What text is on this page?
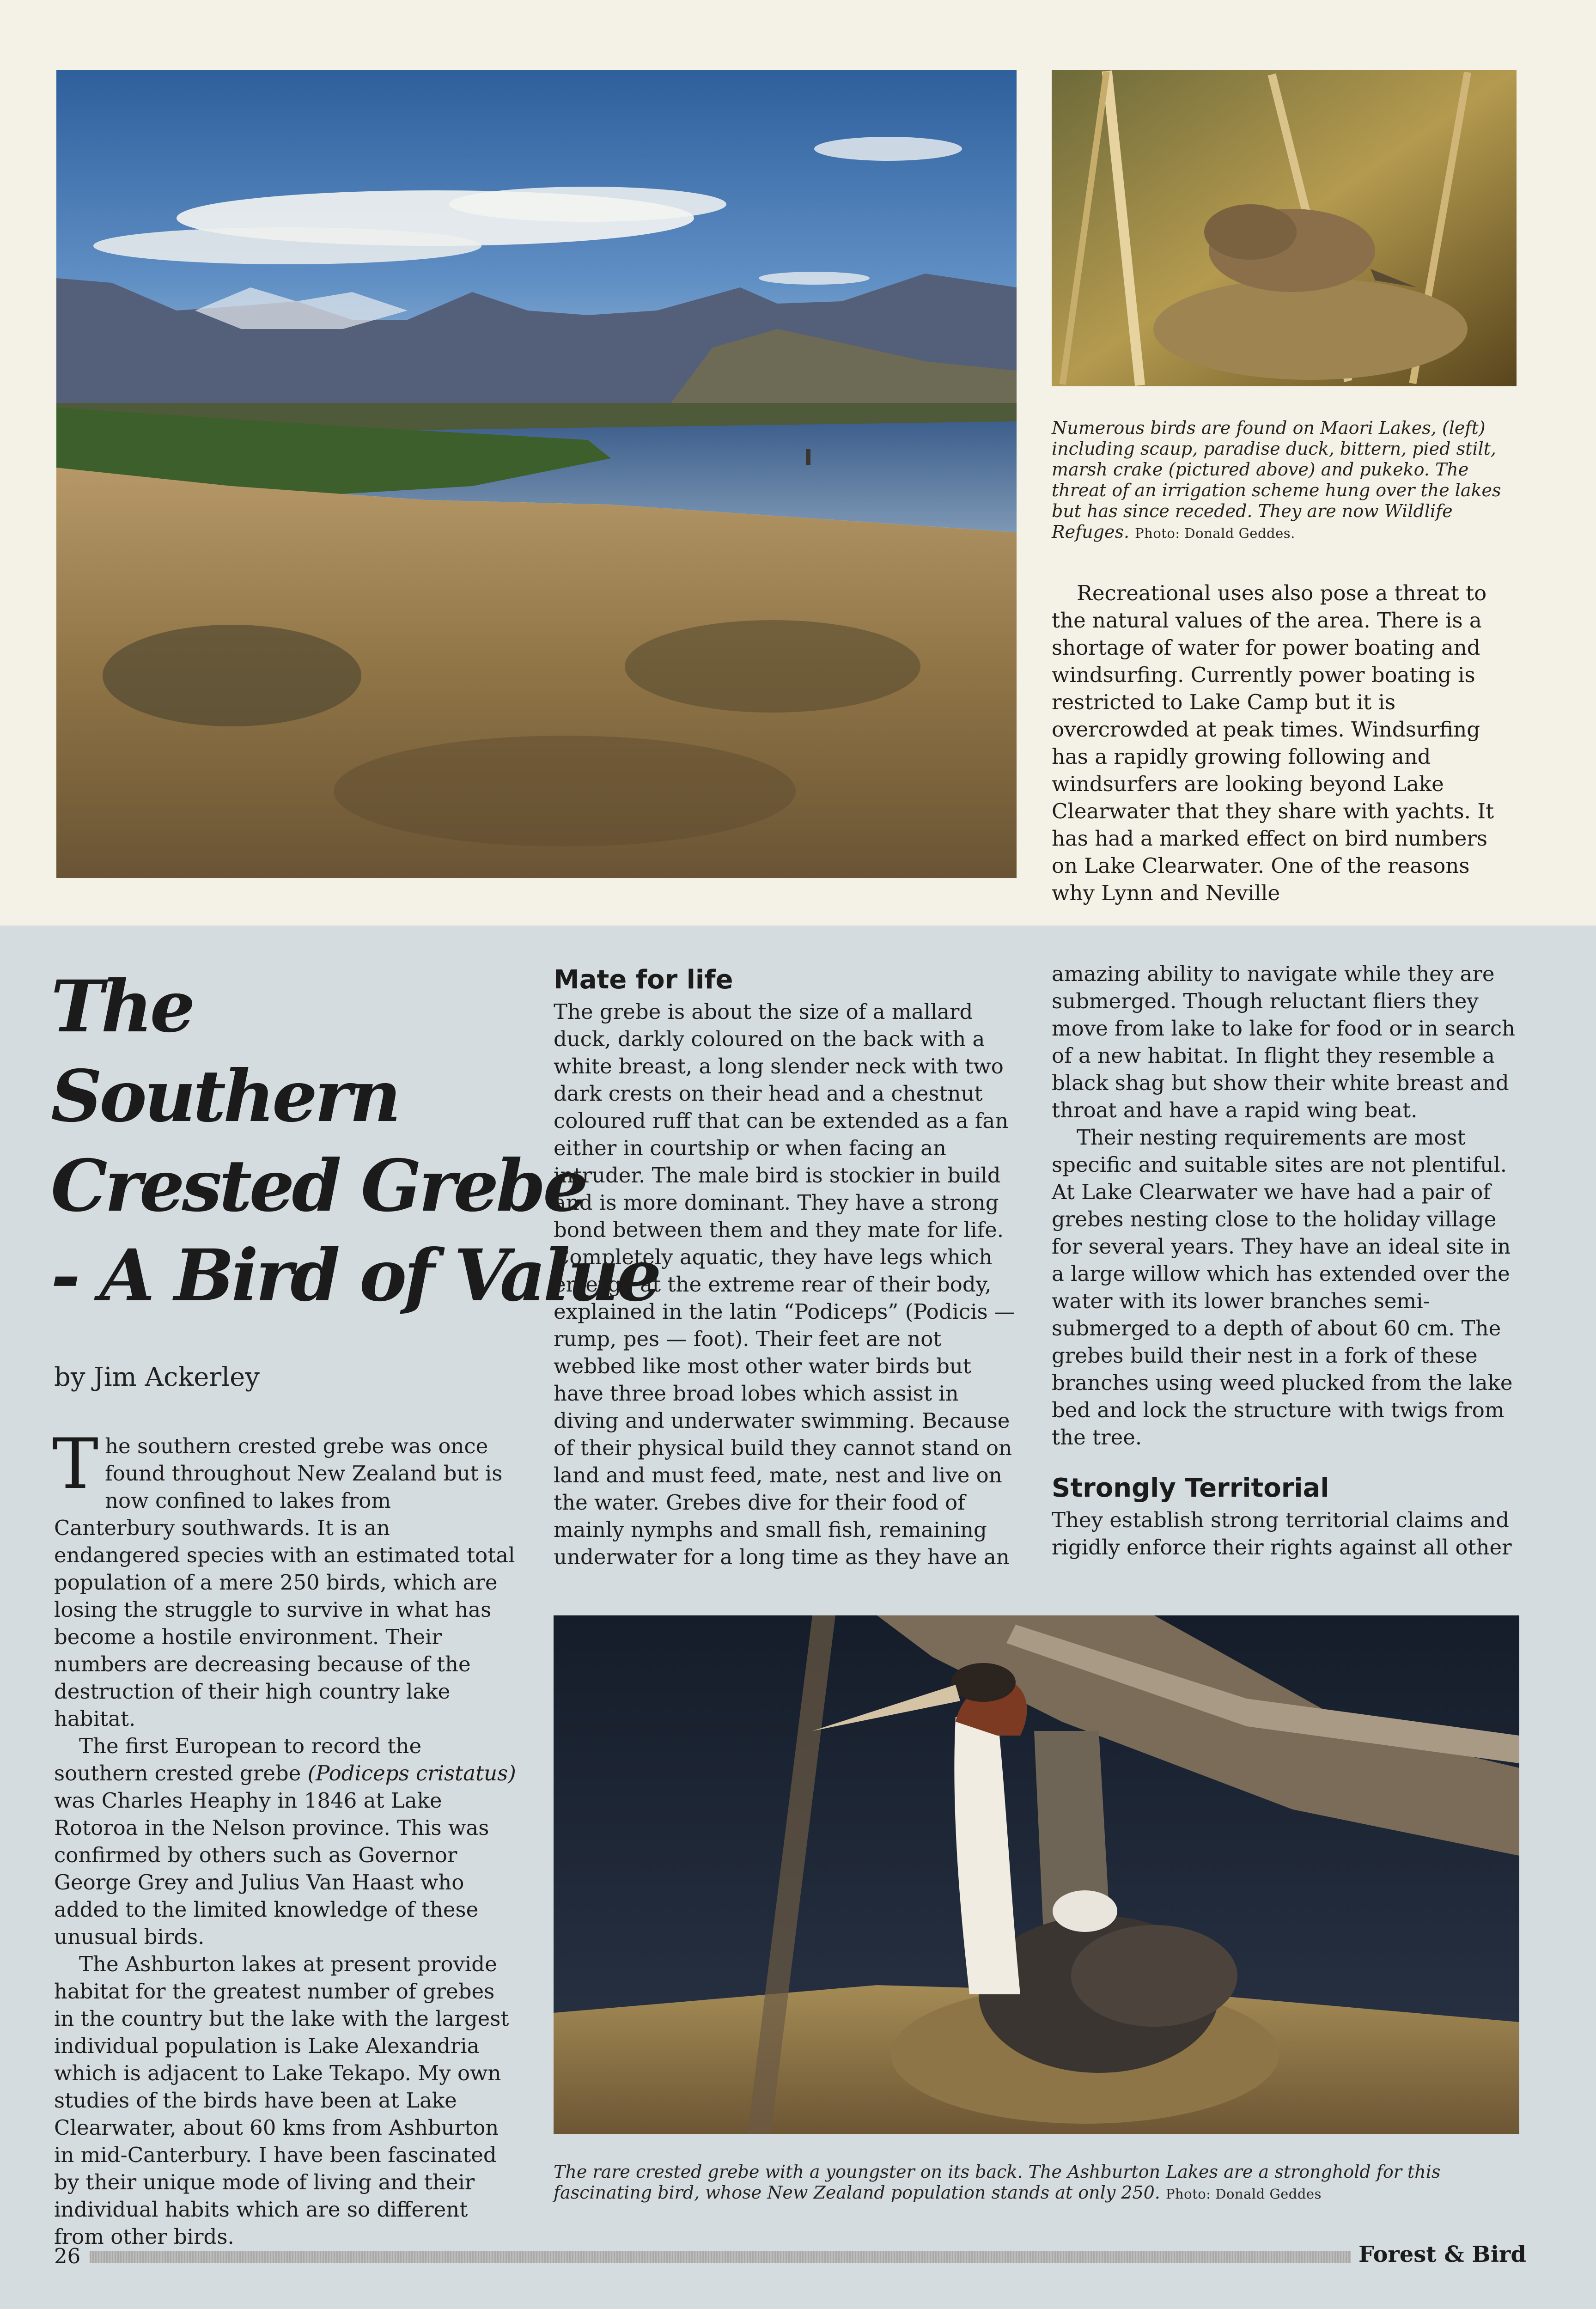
Numerous birds are found on Maori Lakes, (left) including scaup, paradise duck, bittern, pied stilt, marsh crake (pictured above) and pukeko. The threat of an irrigation scheme hung over the lakes but has since receded. They are now Wildlife Refuges. Photo: Donald Geddes.

Recreational uses also pose a threat to the natural values of the area. There is a shortage of water for power boating and windsurfing. Currently power boating is restricted to Lake Camp but it is overcrowded at peak times. Windsurfing has a rapidly growing following and windsurfers are looking beyond Lake Clearwater that they share with yachts. It has had a marked effect on bird numbers on Lake Clearwater. One of the reasons why Lynn and Neville

The
Southern
Crested Grebe
- A Bird of Value
by Jim Ackerley

The southern crested grebe was once found throughout New Zealand but is now confined to lakes from Canterbury southwards. It is an endangered species with an estimated total population of a mere 250 birds, which are losing the struggle to survive in what has become a hostile environment. Their numbers are decreasing because of the destruction of their high country lake habitat.

The first European to record the southern crested grebe (Podiceps cristatus) was Charles Heaphy in 1846 at Lake Rotoroa in the Nelson province. This was confirmed by others such as Governor George Grey and Julius Van Haast who added to the limited knowledge of these unusual birds.

The Ashburton lakes at present provide habitat for the greatest number of grebes in the country but the lake with the largest individual population is Lake Alexandria which is adjacent to Lake Tekapo. My own studies of the birds have been at Lake Clearwater, about 60 kms from Ashburton in mid-Canterbury. I have been fascinated by their unique mode of living and their individual habits which are so different from other birds.

Mate for life

The grebe is about the size of a mallard duck, darkly coloured on the back with a white breast, a long slender neck with two dark crests on their head and a chestnut coloured ruff that can be extended as a fan either in courtship or when facing an intruder. The male bird is stockier in build and is more dominant. They have a strong bond between them and they mate for life. Completely aquatic, they have legs which emerge at the extreme rear of their body, explained in the latin “Podiceps” (Podicis — rump, pes — foot). Their feet are not webbed like most other water birds but have three broad lobes which assist in diving and underwater swimming. Because of their physical build they cannot stand on land and must feed, mate, nest and live on the water. Grebes dive for their food of mainly nymphs and small fish, remaining underwater for a long time as they have an

amazing ability to navigate while they are submerged. Though reluctant fliers they move from lake to lake for food or in search of a new habitat. In flight they resemble a black shag but show their white breast and throat and have a rapid wing beat.

Their nesting requirements are most specific and suitable sites are not plentiful. At Lake Clearwater we have had a pair of grebes nesting close to the holiday village for several years. They have an ideal site in a large willow which has extended over the water with its lower branches semi-submerged to a depth of about 60 cm. The grebes build their nest in a fork of these branches using weed plucked from the lake bed and lock the structure with twigs from the tree.

Strongly Territorial

They establish strong territorial claims and rigidly enforce their rights against all other

The rare crested grebe with a youngster on its back. The Ashburton Lakes are a stronghold for this fascinating bird, whose New Zealand population stands at only 250. Photo: Donald Geddes
26	Forest & Bird
